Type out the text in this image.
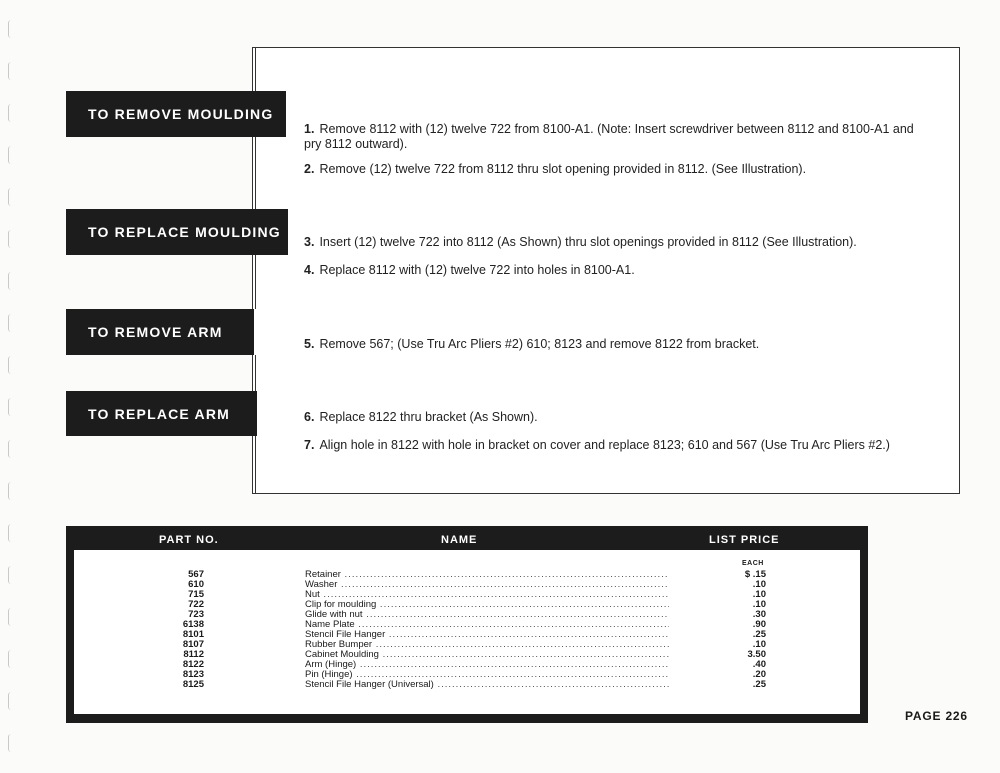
TO REMOVE MOULDING
TO REPLACE MOULDING
TO REMOVE ARM
TO REPLACE ARM
1. Remove 8112 with (12) twelve 722 from 8100-A1. (Note: Insert screwdriver between 8112 and 8100-A1 and pry 8112 outward).
2. Remove (12) twelve 722 from 8112 thru slot opening provided in 8112. (See Illustration).
3. Insert (12) twelve 722 into 8112 (As Shown) thru slot openings provided in 8112 (See Illustration).
4. Replace 8112 with (12) twelve 722 into holes in 8100-A1.
5. Remove 567; (Use Tru Arc Pliers #2) 610; 8123 and remove 8122 from bracket.
6. Replace 8122 thru bracket (As Shown).
7. Align hole in 8122 with hole in bracket on cover and replace 8123; 610 and 567 (Use Tru Arc Pliers #2.)
PART NO.	NAME	LIST PRICE
EACH
567	Retainer .....	$ .15
610	Washer .....	.10
715	Nut .....	.10
722	Clip for moulding .....	.10
723	Glide with nut .....	.30
6138	Name Plate .....	.90
8101	Stencil File Hanger .....	.25
8107	Rubber Bumper .....	.10
8112	Cabinet Moulding .....	3.50
8122	Arm (Hinge) .....	.40
8123	Pin (Hinge) .....	.20
8125	Stencil File Hanger (Universal) .....	.25
PAGE 226
